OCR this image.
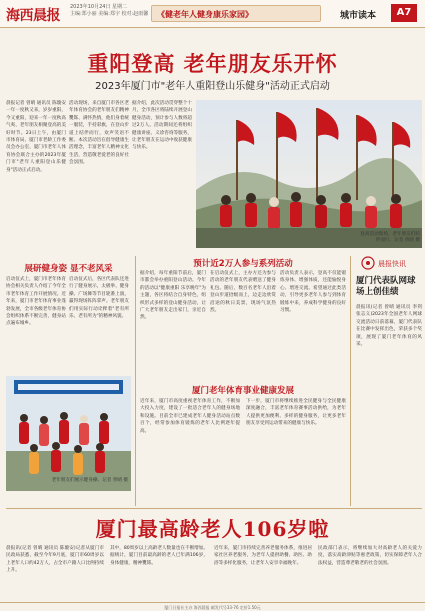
海西晨报
2023年10月24日 星期二
主编:郑小丽 美编:郑宇 校对:赵雨馨 《健老年人健身康乐家园》	城市读本	A7
重阳登高 老年朋友乐开怀
2023年厦门市"老年人重阳登山乐健身"活动正式启动
晨报记者 曾晴 通讯员 陈璇安 一年一度秋又来，岁岁重阳，今又重阳，迎来一年一度秋高气爽、老年朋友相聚登高的美好时节。23日上午，由厦门市体育局、厦门市老龄工作委员会办公室、厦门市老年人体育协会联合主办的2023年厦门市"老年人重阳登山乐健身"活动正式启动。
活动现场，来自厦门市各区老年体育协会的老年朋友们精神矍铄、满怀热情，他们身着统一服装，手持彩旗，在登山步道上结伴而行，欢声笑语不断。本次活动旨在倡导健康生活理念，丰富老年人精神文化生活，营造敬老爱老的良好社会氛围。
据介绍，此次活动贯穿整个十月，全市各区将陆续开展登山健身活动，预计参与人数将超过2万人。活动期间还将组织健康讲座、义诊咨询等服务，让老年朋友在运动中收获健康与快乐。
登高活动现场，老年朋友们结伴而行。记者 曾晴 摄
展研健身姿 显不老风采
启动仪式上，厦门市老年体育协会相关负责人介绍了今年全市老年体育工作开展情况。近年来，厦门市老年体育事业蓬勃发展，全市各级老年体育协会组织体系不断完善，健身站点遍布城乡。
启动仪式后，各区代表队还进行了健身展示，太极拳、健身操、广场舞等节目轮番上演，赢得现场阵阵掌声。老年朋友们用实际行动诠释着"老有所乐、老有所为"的精神风貌。
老年朋友们展示健身操。记者 曾晴 摄
预计近2万人参与系列活动
据介绍，每年重阳节前后，厦门市都会举办重阳登山活动。今年的活动以"健康重阳 乐享晚年"为主题，各区将结合自身特色，组织形式多样的登山健身活动，让广大老年朋友走出家门，亲近自然。
在启动仪式上，主办方还为参与活动的老年朋友代表赠送了健身礼包。随后，数百名老年人沿着登山步道拾级而上，边走边欣赏沿途的秋日美景，现场气氛热烈。
活动负责人表示，登高不仅能锻炼身体、增强体质，还能愉悦身心、增进交流。希望通过此类活动，引导更多老年人参与到体育锻炼中来，养成科学健身的良好习惯。
厦门老年体育事业健康发展
近年来，厦门市高度重视老年体育工作，不断加大投入力度，建设了一批适合老年人的健身场地和设施。目前全市已建成老年人健身活动站点数百个，经常参加体育锻炼的老年人比例逐年提高。
下一步，厦门市将继续推进全民健身与全民健康深度融合，丰富老年体育赛事活动供给，为老年人提供更加便利、多样的健身服务，让更多老年朋友享受到运动带来的健康与快乐。
晨报快讯
厦门代表队网球场上创佳绩
晨报讯(记者 曾晴 通讯员 李剑 张志义)2023年全国老年人网球交流活动日前落幕，厦门代表队在比赛中发挥出色，荣获多个奖项，展现了厦门老年体育的风采。
厦门最高龄老人106岁啦
晨报讯(记者 曾晴 通讯员 陈璇安)记者从厦门市民政局获悉，截至今年9月底，厦门市60周岁以上老年人口约42万人，占全市户籍人口比例持续上升。
其中，80周岁以上高龄老人数量也在不断增加。据统计，厦门目前最高龄的老人已年满106岁，身体健康，精神矍铄。
近年来，厦门市持续完善养老服务体系，推进居家社区养老服务，为老年人提供助餐、助医、助浴等多样化服务，让老年人安享幸福晚年。
民政部门表示，将继续加大对高龄老人的关爱力度，落实高龄津贴等惠老政策，切实保障老年人合法权益，营造尊老敬老的社会氛围。
厦门日报社主办 海西晨报 邮发代号33-76 定价1.50元
